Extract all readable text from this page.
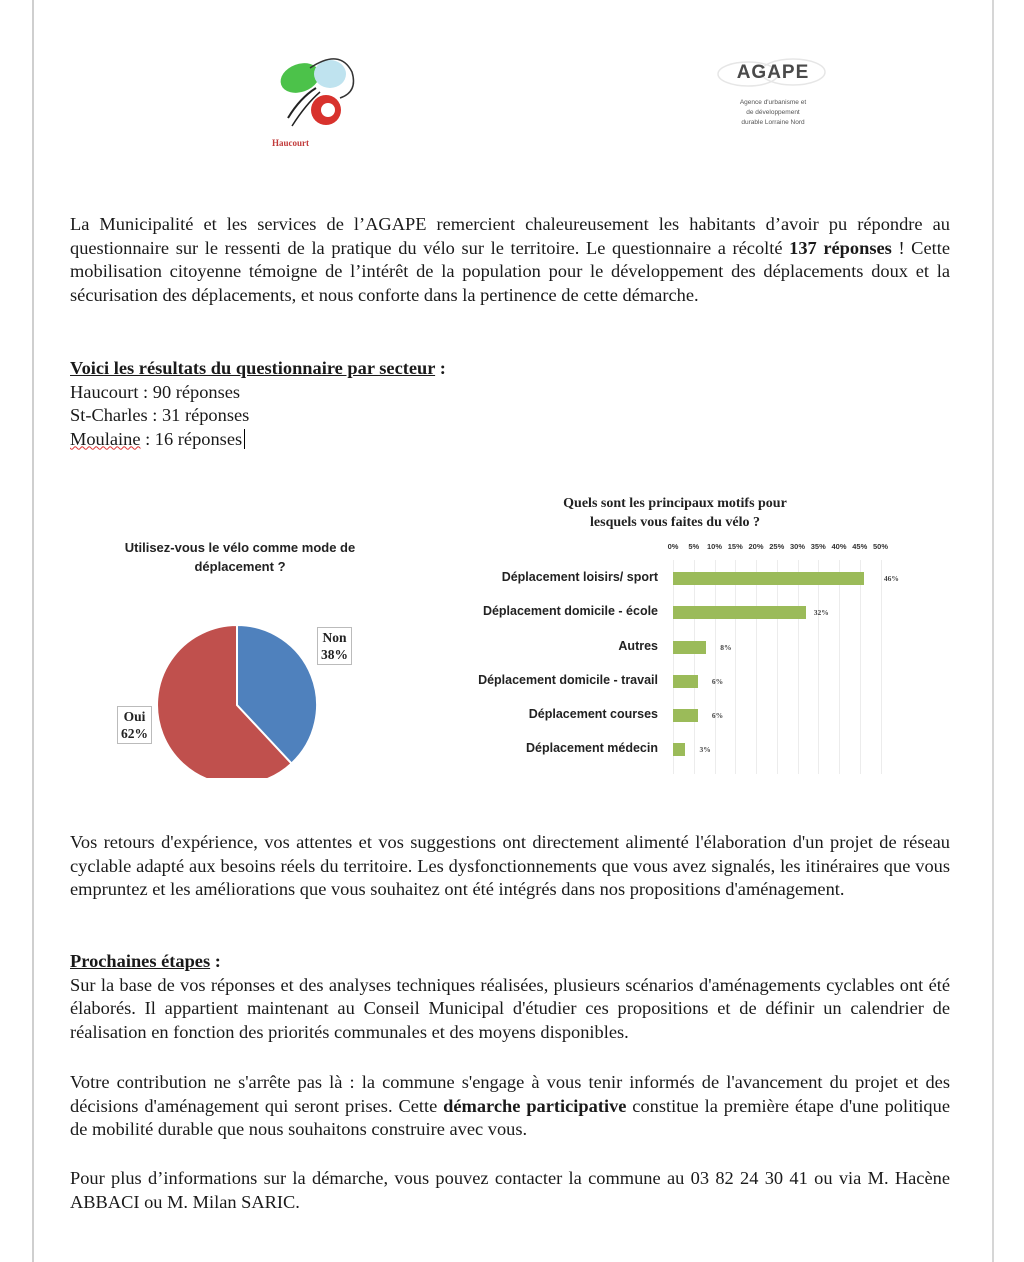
Haucourt
AGAPE
Agence d'urbanisme et
de développement
durable Lorraine Nord

La Municipalité et les services de l’AGAPE remercient chaleureusement les habitants d’avoir pu répondre au questionnaire sur le ressenti de la pratique du vélo sur le territoire. Le questionnaire a récolté 137 réponses ! Cette mobilisation citoyenne témoigne de l’intérêt de la population pour le développement des déplacements doux et la sécurisation des déplacements, et nous conforte dans la pertinence de cette démarche.

Voici les résultats du questionnaire par secteur :

Haucourt : 90 réponses

St-Charles : 31 réponses

Moulaine : 16 réponses

Utilisez-vous le vélo comme mode de
déplacement ?
Non
38%
Oui
62%
Quels sont les principaux motifs pour
lesquels vous faites du vélo ?
0% 5% 10% 15% 20% 25% 30% 35% 40% 45% 50%
Déplacement loisirs/ sport	46%
Déplacement domicile - école	32%
Autres	8%
Déplacement domicile - travail	6%
Déplacement courses	6%
Déplacement médecin	3%

Vos retours d'expérience, vos attentes et vos suggestions ont directement alimenté l'élaboration d'un projet de réseau cyclable adapté aux besoins réels du territoire. Les dysfonctionnements que vous avez signalés, les itinéraires que vous empruntez et les améliorations que vous souhaitez ont été intégrés dans nos propositions d'aménagement.

Prochaines étapes :

Sur la base de vos réponses et des analyses techniques réalisées, plusieurs scénarios d'aménagements cyclables ont été élaborés. Il appartient maintenant au Conseil Municipal d'étudier ces propositions et de définir un calendrier de réalisation en fonction des priorités communales et des moyens disponibles.

Votre contribution ne s'arrête pas là : la commune s'engage à vous tenir informés de l'avancement du projet et des décisions d'aménagement qui seront prises. Cette démarche participative constitue la première étape d'une politique de mobilité durable que nous souhaitons construire avec vous.

Pour plus d’informations sur la démarche, vous pouvez contacter la commune au 03 82 24 30 41 ou via M. Hacène ABBACI ou M. Milan SARIC.
